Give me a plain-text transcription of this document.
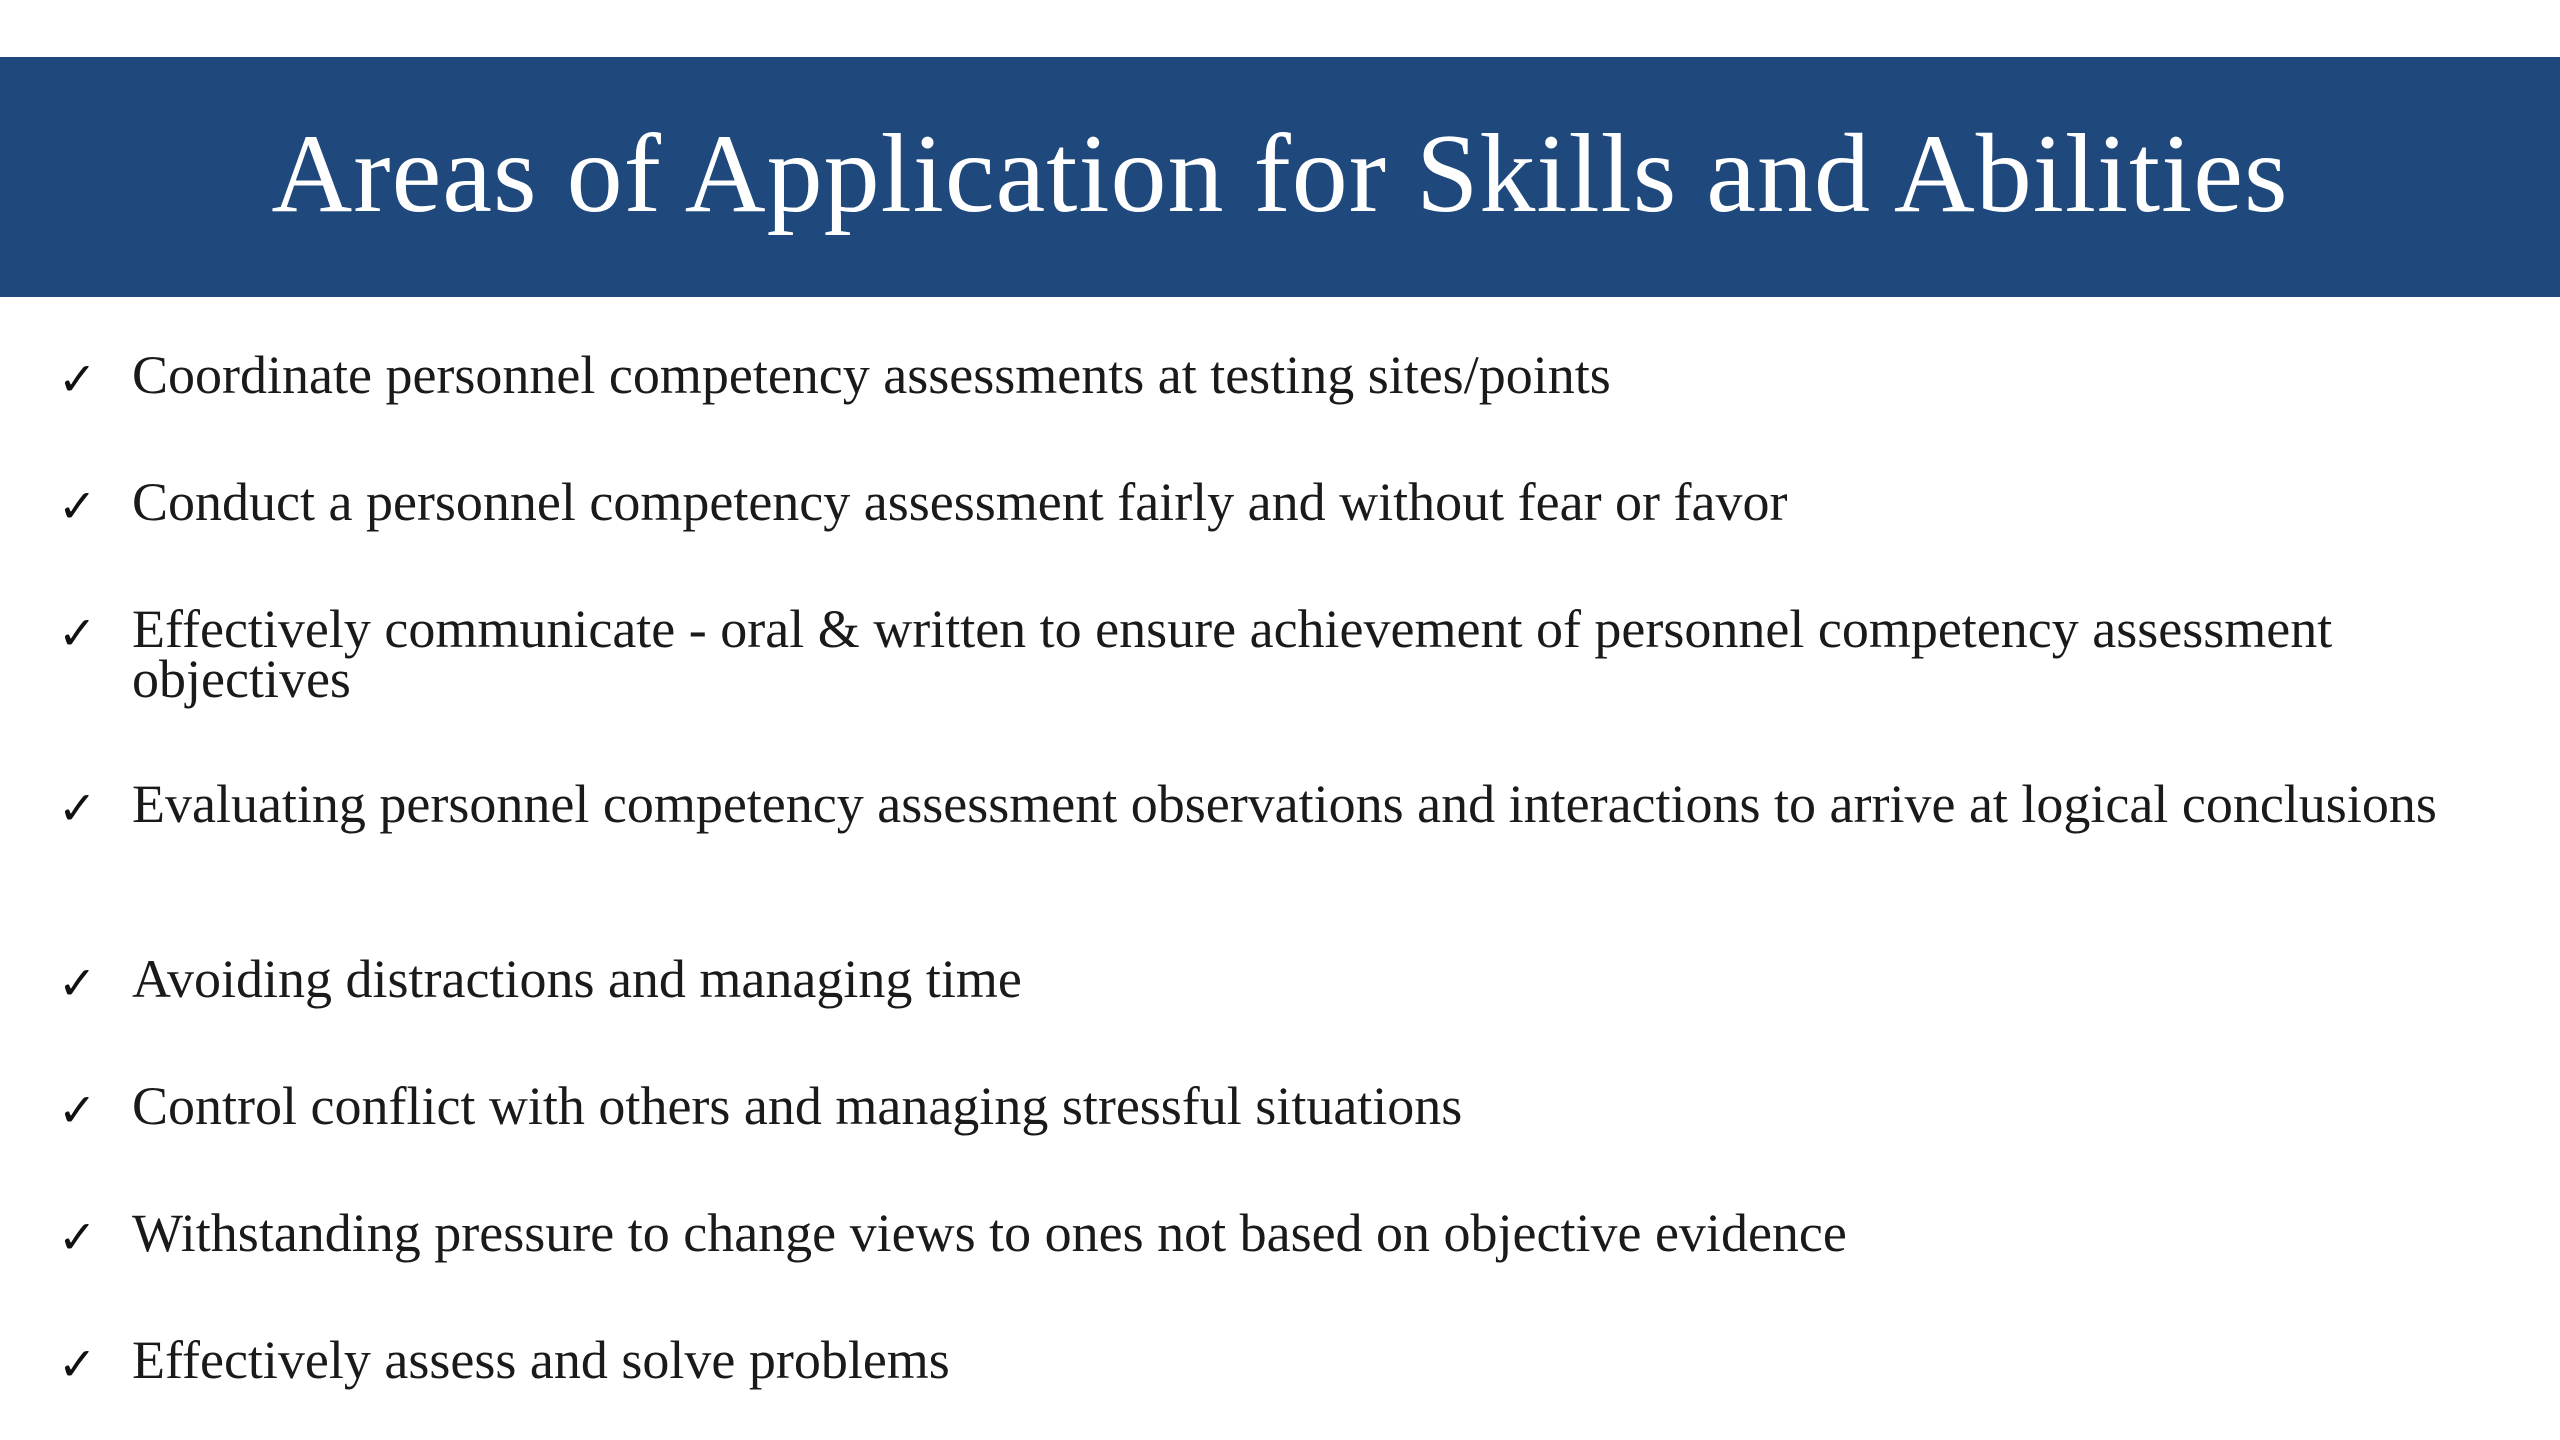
Areas of Application for Skills and Abilities
✓ Coordinate personnel competency assessments at testing sites/points
✓ Conduct a personnel competency assessment fairly and without fear or favor
✓ Effectively communicate - oral & written to ensure achievement of personnel competency assessment objectives
✓ Evaluating personnel competency assessment observations and interactions to arrive at logical conclusions
✓ Avoiding distractions and managing time
✓ Control conflict with others and managing stressful situations
✓ Withstanding pressure to change views to ones not based on objective evidence
✓ Effectively assess and solve problems
